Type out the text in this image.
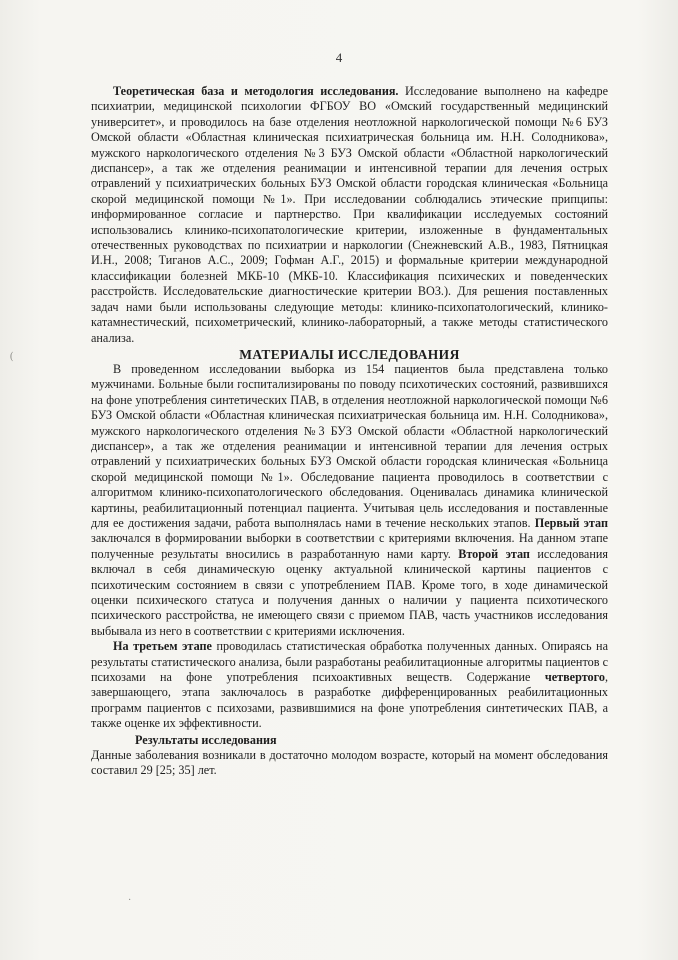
4

Теоретическая база и методология исследования. Исследование выполнено на кафедре психиатрии, медицинской психологии ФГБОУ ВО «Омский государственный медицинский университет», и проводилось на базе отделения неотложной наркологической помощи №6 БУЗ Омской области «Областная клиническая психиатрическая больница им. Н.Н. Солодникова», мужского наркологического отделения №3 БУЗ Омской области «Областной наркологический диспансер», а так же отделения реанимации и интенсивной терапии для лечения острых отравлений у психиатрических больных БУЗ Омской области городская клиническая «Больница скорой медицинской помощи №1». При исследовании соблюдались этические припципы: информированное согласие и партнерство. При квалификации исследуемых состояний использовались клинико-психопатологические критерии, изложенные в фундаментальных отечественных руководствах по психиатрии и наркологии (Снежневский А.В., 1983, Пятницкая И.Н., 2008; Тиганов А.С., 2009; Гофман А.Г., 2015) и формальные критерии международной классификации болезней МКБ-10 (МКБ-10. Классификация психических и поведенческих расстройств. Исследовательские диагностические критерии ВОЗ.). Для решения поставленных задач нами были использованы следующие методы: клинико-психопатологический, клинико-катамнестический, психометрический, клинико-лабораторный, а также методы статистического анализа.

МАТЕРИАЛЫ ИССЛЕДОВАНИЯ

В проведенном исследовании выборка из 154 пациентов была представлена только мужчинами. Больные были госпитализированы по поводу психотических состояний, развившихся на фоне употребления синтетических ПАВ, в отделения неотложной наркологической помощи №6 БУЗ Омской области «Областная клиническая психиатрическая больница им. Н.Н. Солодникова», мужского наркологического отделения №3 БУЗ Омской области «Областной наркологический диспансер», а так же отделения реанимации и интенсивной терапии для лечения острых отравлений у психиатрических больных БУЗ Омской области городская клиническая «Больница скорой медицинской помощи №1». Обследование пациента проводилось в соответствии с алгоритмом клинико-психопатологического обследования. Оценивалась динамика клинической картины, реабилитационный потенциал пациента. Учитывая цель исследования и поставленные для ее достижения задачи, работа выполнялась нами в течение нескольких этапов. Первый этап заключался в формировании выборки в соответствии с критериями включения. На данном этапе полученные результаты вносились в разработанную нами карту. Второй этап исследования включал в себя динамическую оценку актуальной клинической картины пациентов с психотическим состоянием в связи с употреблением ПАВ. Кроме того, в ходе динамической оценки психического статуса и получения данных о наличии у пациента психотического психического расстройства, не имеющего связи с приемом ПАВ, часть участников исследования выбывала из него в соответствии с критериями исключения.

На третьем этапе проводилась статистическая обработка полученных данных. Опираясь на результаты статистического анализа, были разработаны реабилитационные алгоритмы пациентов с психозами на фоне употребления психоактивных веществ. Содержание четвертого, завершающего, этапа заключалось в разработке дифференцированных реабилитационных программ пациентов с психозами, развившимися на фоне употребления синтетических ПАВ, а также оценке их эффективности.

Результаты исследования

Данные заболевания возникали в достаточно молодом возрасте, который на момент обследования составил 29 [25; 35] лет.

(
·
